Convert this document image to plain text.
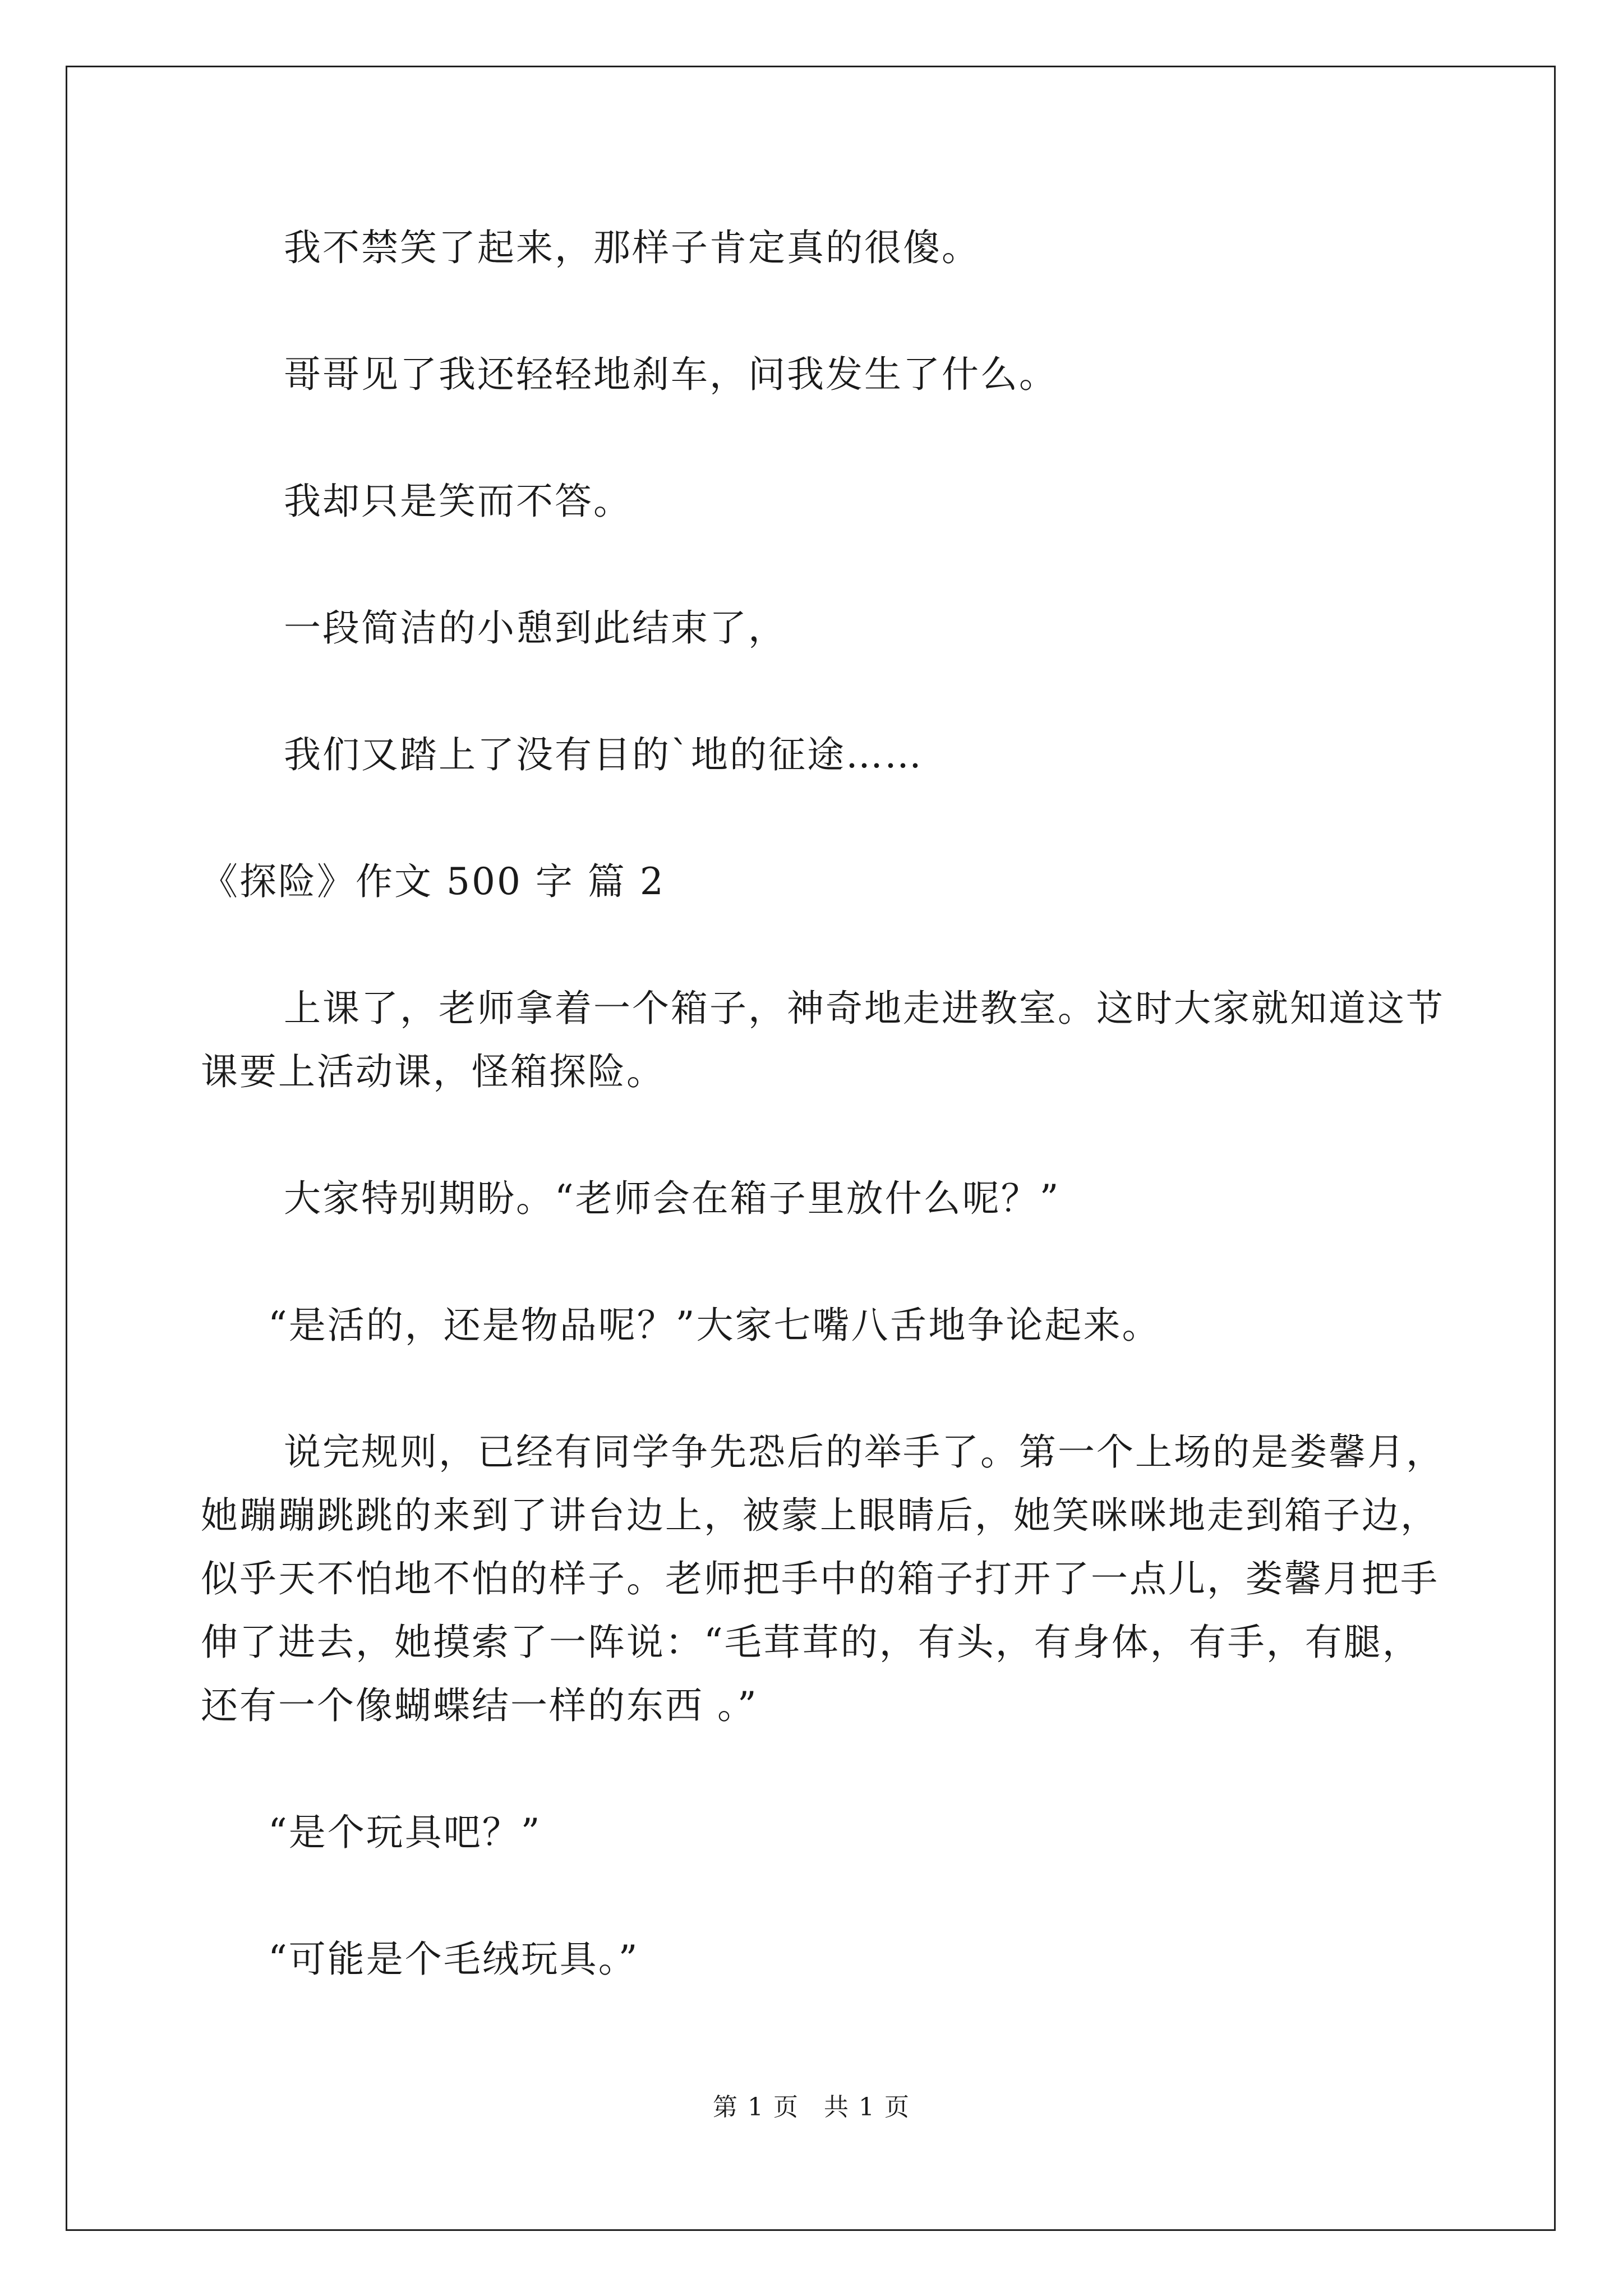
我不禁笑了起来，那样子肯定真的很傻。

哥哥见了我还轻轻地刹车，问我发生了什么。

我却只是笑而不答。

一段简洁的小憩到此结束了，

我们又踏上了没有目的`地的征途……

《探险》作文 500 字 篇 2

上课了，老师拿着一个箱子，神奇地走进教室。这时大家就知道这节课要上活动课，怪箱探险。

大家特别期盼。“老师会在箱子里放什么呢？”

“是活的，还是物品呢？”大家七嘴八舌地争论起来。

说完规则，已经有同学争先恐后的举手了。第一个上场的是娄馨月，她蹦蹦跳跳的来到了讲台边上，被蒙上眼睛后，她笑咪咪地走到箱子边，似乎天不怕地不怕的样子。老师把手中的箱子打开了一点儿，娄馨月把手伸了进去，她摸索了一阵说：“毛茸茸的，有头，有身体，有手，有腿，还有一个像蝴蝶结一样的东西 。”

“是个玩具吧？”

“可能是个毛绒玩具。”

第 1 页 共 1 页
